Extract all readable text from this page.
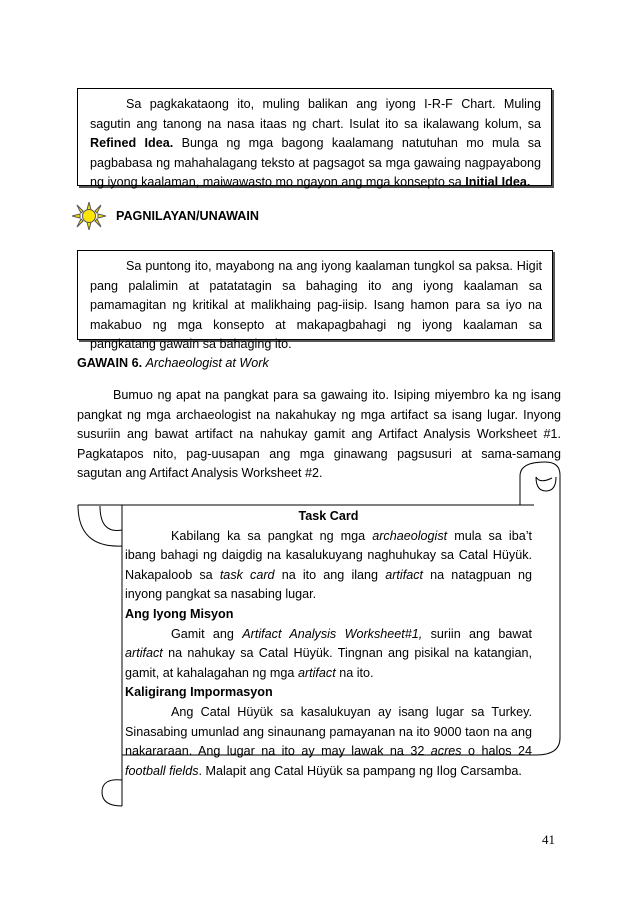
Sa pagkakataong ito, muling balikan ang iyong I-R-F Chart. Muling sagutin ang tanong na nasa itaas ng chart. Isulat ito sa ikalawang kolum, sa Refined Idea. Bunga ng mga bagong kaalamang natutuhan mo mula sa pagbabasa ng mahahalagang teksto at pagsagot sa mga gawaing nagpayabong ng iyong kaalaman, maiwawasto mo ngayon ang mga konsepto sa Initial Idea.
PAGNILAYAN/UNAWAIN
Sa puntong ito, mayabong na ang iyong kaalaman tungkol sa paksa. Higit pang palalimin at patatatagin sa bahaging ito ang iyong kaalaman sa pamamagitan ng kritikal at malikhaing pag-iisip. Isang hamon para sa iyo na makabuo ng mga konsepto at makapagbahagi ng iyong kaalaman sa pangkatang gawain sa bahaging ito.
GAWAIN 6. Archaeologist at Work
Bumuo ng apat na pangkat para sa gawaing ito. Isiping miyembro ka ng isang pangkat ng mga archaeologist na nakahukay ng mga artifact sa isang lugar. Inyong susuriin ang bawat artifact na nahukay gamit ang Artifact Analysis Worksheet #1. Pagkatapos nito, pag-uusapan ang mga ginawang pagsusuri at sama-samang sagutan ang Artifact Analysis Worksheet #2.
Task Card
Kabilang ka sa pangkat ng mga archaeologist mula sa iba’t ibang bahagi ng daigdig na kasalukuyang naghuhukay sa Catal Hüyük. Nakapaloob sa task card na ito ang ilang artifact na natagpuan ng inyong pangkat sa nasabing lugar.
Ang Iyong Misyon
Gamit ang Artifact Analysis Worksheet#1, suriin ang bawat artifact na nahukay sa Catal Hüyük. Tingnan ang pisikal na katangian, gamit, at kahalagahan ng mga artifact na ito.
Kaligirang Impormasyon
Ang Catal Hüyük sa kasalukuyan ay isang lugar sa Turkey. Sinasabing umunlad ang sinaunang pamayanan na ito 9000 taon na ang nakararaan. Ang lugar na ito ay may lawak na 32 acres o halos 24 football fields. Malapit ang Catal Hüyük sa pampang ng Ilog Carsamba.
41
